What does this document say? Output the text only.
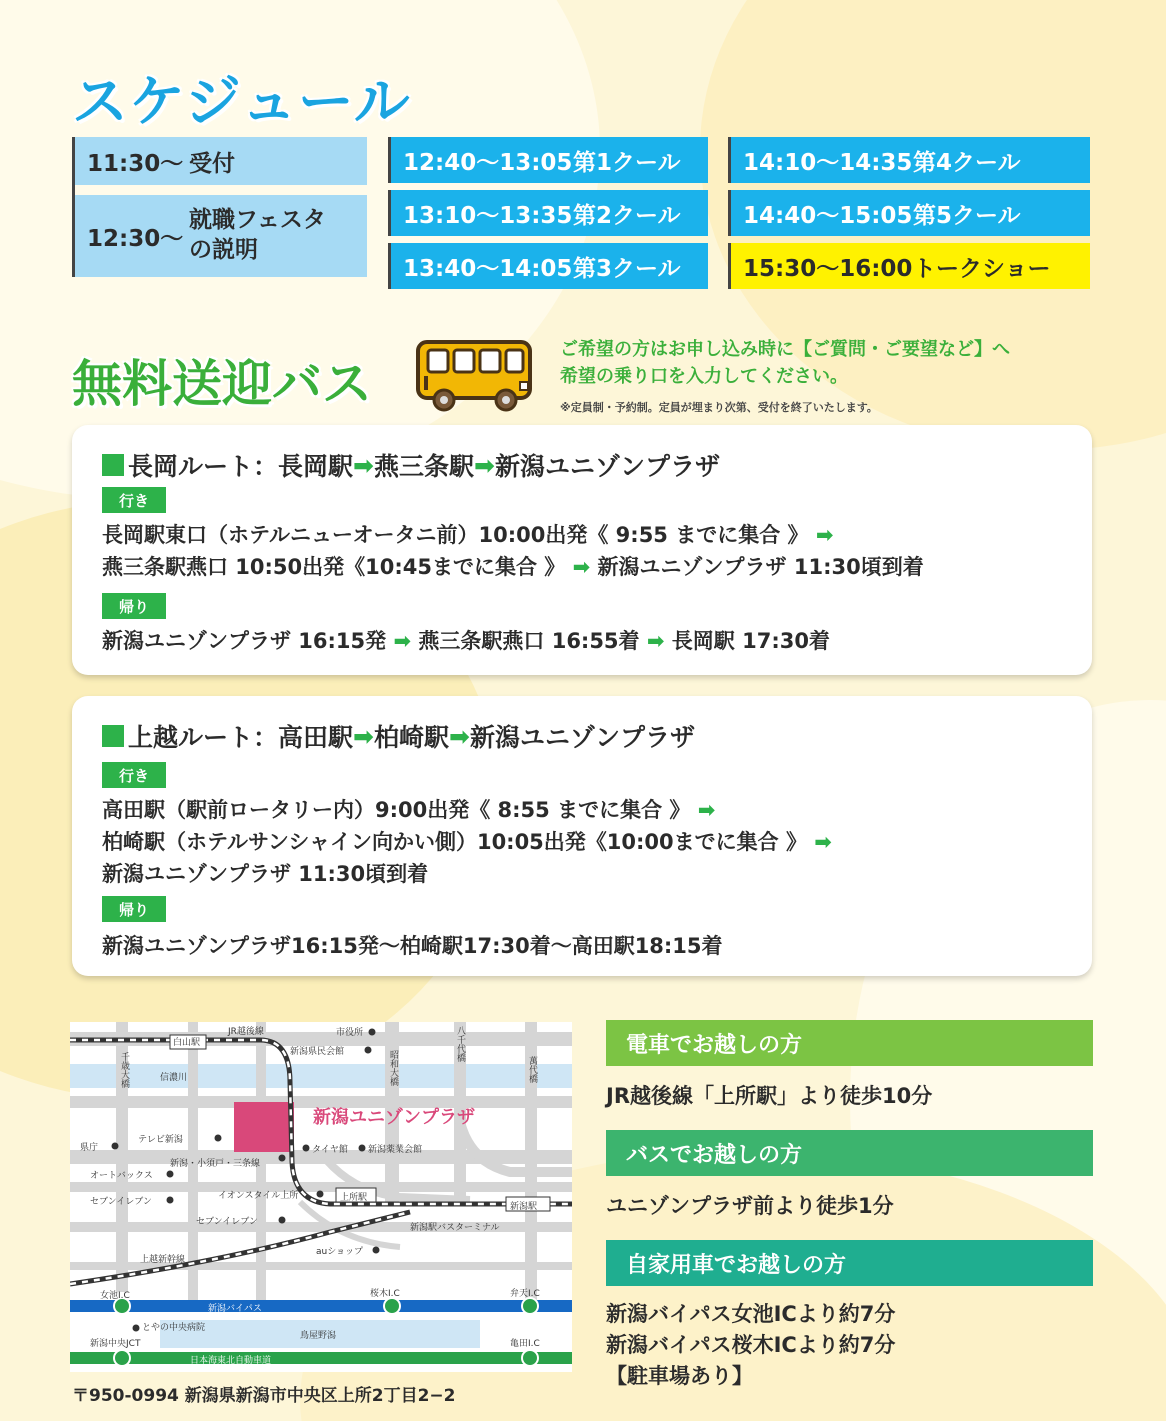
スケジュール
11:30〜 受付
12:30〜
就職フェスタ
の説明
12:40〜13:05 第1クール
13:10〜13:35 第2クール
13:40〜14:05 第3クール
14:10〜14:35 第4クール
14:40〜15:05 第5クール
15:30〜16:00 トークショー
無料送迎バス
ご希望の方はお申し込み時に【ご質問・ご要望など】へ
希望の乗り口を入力してください。
※定員制・予約制。定員が埋まり次第、受付を終了いたします。
長岡ルート：長岡駅 ➡ 燕三条駅 ➡ 新潟ユニゾンプラザ
行き
長岡駅東口（ホテルニューオータニ前）10:00出発《 9:55 までに集合 》 ➡
燕三条駅燕口 10:50出発《10:45までに集合 》 ➡ 新潟ユニゾンプラザ 11:30頃到着
帰り
新潟ユニゾンプラザ 16:15発 ➡ 燕三条駅燕口 16:55着 ➡ 長岡駅 17:30着
上越ルート：高田駅 ➡ 柏崎駅 ➡ 新潟ユニゾンプラザ
行き
高田駅（駅前ロータリー内）9:00出発《 8:55 までに集合 》 ➡
柏崎駅（ホテルサンシャイン向かい側）10:05出発《10:00までに集合 》 ➡
新潟ユニゾンプラザ 11:30頃到着
帰り
新潟ユニゾンプラザ16:15発〜柏崎駅17:30着〜高田駅18:15着
白山駅
JR越後線	市役所
新潟県民会館
千歳大橋	昭和大橋
八千代橋
萬代橋
信濃川
新潟ユニゾンプラザ
県庁
テレビ新潟
タイヤ館 新潟薬業会館
新潟・小須戸・三条線
オートバックス
セブンイレブン
イオンスタイル上所	上所駅
新潟駅
セブンイレブン
新潟駅バスターミナル
上越新幹線
auショップ
女池I.C	桜木I.C	弁天I.C
新潟バイパス
とやの中央病院
鳥屋野潟
新潟中央JCT	亀田I.C
日本海東北自動車道
〒950-0994 新潟県新潟市中央区上所2丁目2−2
電車でお越しの方
JR越後線「上所駅」より徒歩10分
バスでお越しの方
ユニゾンプラザ前より徒歩1分
自家用車でお越しの方
新潟バイパス女池ICより約7分
新潟バイパス桜木ICより約7分
【駐車場あり】
